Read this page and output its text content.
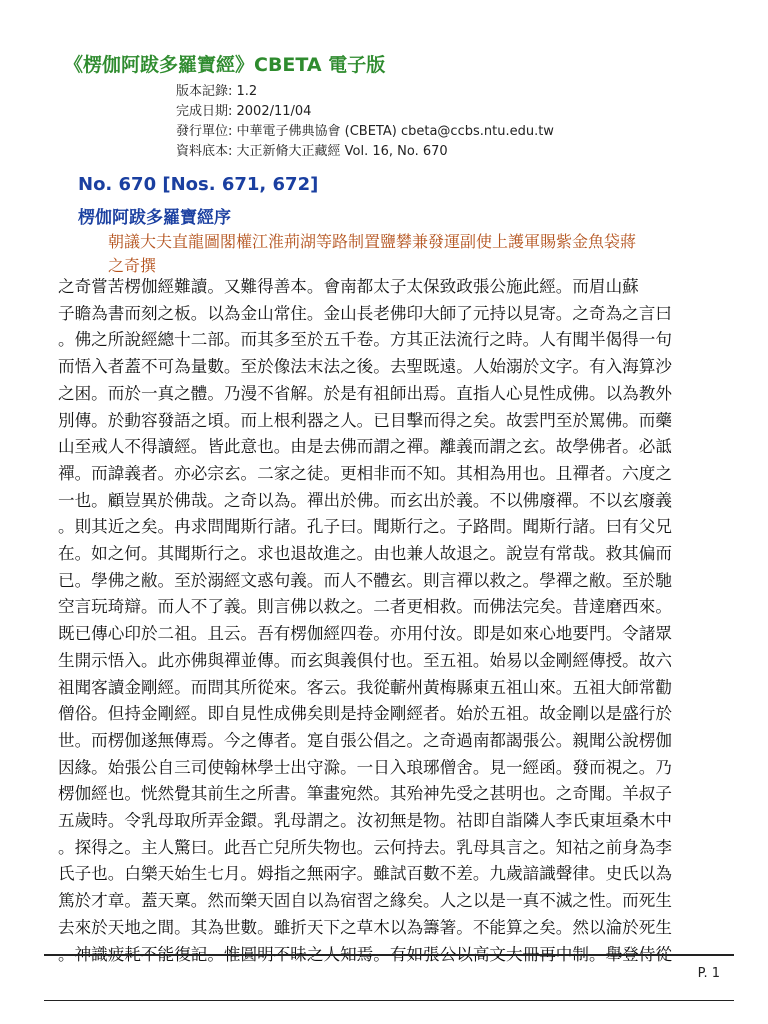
《楞伽阿跋多羅寶經》CBETA 電子版
版本記錄: 1.2
完成日期: 2002/11/04
發行單位: 中華電子佛典協會 (CBETA) cbeta@ccbs.ntu.edu.tw
資料底本: 大正新脩大正藏經 Vol. 16, No. 670
No. 670 [Nos. 671, 672]
楞伽阿跋多羅寶經序
朝議大夫直龍圖閣權江淮荊湖等路制置鹽礬兼發運副使上護軍賜紫金魚袋蔣
之奇撰
之奇嘗苦楞伽經難讀。又難得善本。會南都太子太保致政張公施此經。而眉山蘇
子瞻為書而刻之板。以為金山常住。金山長老佛印大師了元持以見寄。之奇為之言曰
。佛之所說經總十二部。而其多至於五千卷。方其正法流行之時。人有聞半偈得一句
而悟入者蓋不可為量數。至於像法末法之後。去聖既遠。人始溺於文字。有入海算沙
之困。而於一真之體。乃漫不省解。於是有祖師出焉。直指人心見性成佛。以為教外
別傳。於動容發語之頃。而上根利器之人。已目擊而得之矣。故雲門至於罵佛。而藥
山至戒人不得讀經。皆此意也。由是去佛而謂之禪。離義而謂之玄。故學佛者。必詆
禪。而諱義者。亦必宗玄。二家之徒。更相非而不知。其相為用也。且禪者。六度之
一也。顧豈異於佛哉。之奇以為。禪出於佛。而玄出於義。不以佛廢禪。不以玄廢義
。則其近之矣。冉求問聞斯行諸。孔子曰。聞斯行之。子路問。聞斯行諸。曰有父兄
在。如之何。其聞斯行之。求也退故進之。由也兼人故退之。說豈有常哉。救其偏而
已。學佛之敝。至於溺經文惑句義。而人不體玄。則言禪以救之。學禪之敝。至於馳
空言玩琦辯。而人不了義。則言佛以救之。二者更相救。而佛法完矣。昔達磨西來。
既已傳心印於二祖。且云。吾有楞伽經四卷。亦用付汝。即是如來心地要門。令諸眾
生開示悟入。此亦佛與禪並傳。而玄與義俱付也。至五祖。始易以金剛經傳授。故六
祖聞客讀金剛經。而問其所從來。客云。我從蘄州黃梅縣東五祖山來。五祖大師常勸
僧俗。但持金剛經。即自見性成佛矣則是持金剛經者。始於五祖。故金剛以是盛行於
世。而楞伽遂無傳焉。今之傳者。寔自張公倡之。之奇過南都謁張公。親聞公說楞伽
因緣。始張公自三司使翰林學士出守滁。一日入琅琊僧舍。見一經函。發而視之。乃
楞伽經也。恍然覺其前生之所書。筆畫宛然。其殆神先受之甚明也。之奇聞。羊叔子
五歲時。令乳母取所弄金鐶。乳母謂之。汝初無是物。祜即自詣隣人李氏東垣桑木中
。探得之。主人驚曰。此吾亡兒所失物也。云何持去。乳母具言之。知祜之前身為李
氏子也。白樂天始生七月。姆指之無兩字。雖試百數不差。九歲諳識聲律。史氏以為
篤於才章。蓋天稟。然而樂天固自以為宿習之緣矣。人之以是一真不滅之性。而死生
去來於天地之間。其為世數。雖折天下之草木以為籌箸。不能算之矣。然以淪於死生
。神識疲耗不能復記。惟圓明不昧之人知焉。有如張公以高文大冊再中制。舉登侍從
P. 1
